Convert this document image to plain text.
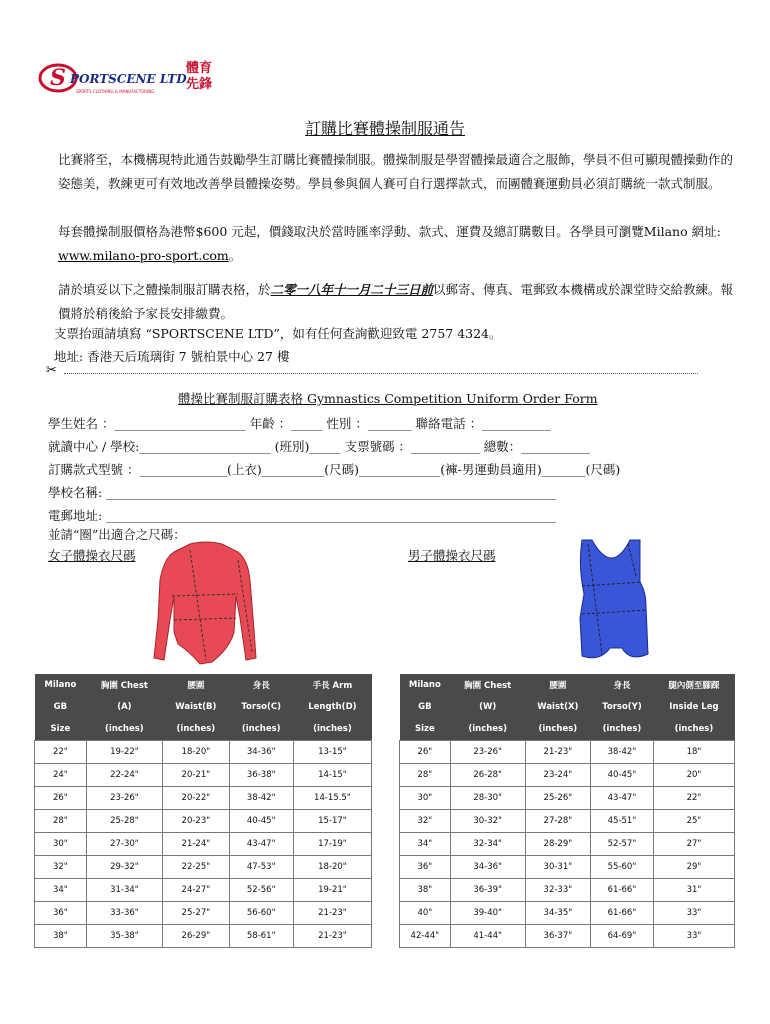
S PORTSCENE LTD.
體育
先鋒
SPORTS CLOTHING & MANUFACTURING
訂購比賽體操制服通告
比賽將至，本機構現特此通告鼓勵學生訂購比賽體操制服。體操制服是學習體操最適合之服飾，學員不但可顯現體操動作的姿態美，教練更可有效地改善學員體操姿勢。學員參與個人賽可自行選擇款式，而團體賽運動員必須訂購統一款式制服。
每套體操制服價格為港幣$600 元起，價錢取決於當時匯率浮動、款式、運費及總訂購數目。各學員可瀏覽Milano 網址: www.milano-pro-sport.com。
請於填妥以下之體操制服訂購表格，於二零一八年十一月二十三日前以郵寄、傳真、電郵致本機構或於課堂時交給教練。報價將於稍後給予家長安排繳費。
支票抬頭請填寫 “SPORTSCENE LTD”，如有任何查詢歡迎致電 2757 4324。
地址: 香港天后琉璃街 7 號柏景中心 27 樓
✂
體操比賽制服訂購表格 Gymnastics Competition Uniform Order Form
學生姓名 ：_____________________ 年齡 ：_____ 性別 ：_______ 聯絡電話 ：___________
就讀中心 / 學校:_____________________ (班別)_____ 支票號碼 ：___________ 總數：___________
訂購款式型號 ：______________(上衣)__________(尺碼)_____________(褲-男運動員適用)_______(尺碼)
學校名稱: ________________________________________________________________________
電郵地址: ________________________________________________________________________
並請“圈”出適合之尺碼：
女子體操衣尺碼	男子體操衣尺碼
Milano	胸圍 Chest	腰圍	身長	手長 Arm
GB	(A)	Waist(B)	Torso(C)	Length(D)
Size	(inches)	(inches)	(inches)	(inches)
22"	19-22"	18-20"	34-36"	13-15"
24"	22-24"	20-21"	36-38"	14-15"
26"	23-26"	20-22"	38-42"	14-15.5"
28"	25-28"	20-23"	40-45"	15-17"
30"	27-30"	21-24"	43-47"	17-19"
32"	29-32"	22-25"	47-53"	18-20"
34"	31-34"	24-27"	52-56"	19-21"
36"	33-36"	25-27"	56-60"	21-23"
38"	35-38"	26-29"	58-61"	21-23"
Milano	胸圍 Chest	腰圍	身長	腿內側至腳踝
GB	(W)	Waist(X)	Torso(Y)	Inside Leg
Size	(inches)	(inches)	(inches)	(inches)
26"	23-26"	21-23"	38-42"	18"
28"	26-28"	23-24"	40-45"	20"
30"	28-30"	25-26"	43-47"	22"
32"	30-32"	27-28"	45-51"	25"
34"	32-34"	28-29"	52-57"	27"
36"	34-36"	30-31"	55-60"	29"
38"	36-39"	32-33"	61-66"	31"
40"	39-40"	34-35"	61-66"	33"
42-44"	41-44"	36-37"	64-69"	33"
